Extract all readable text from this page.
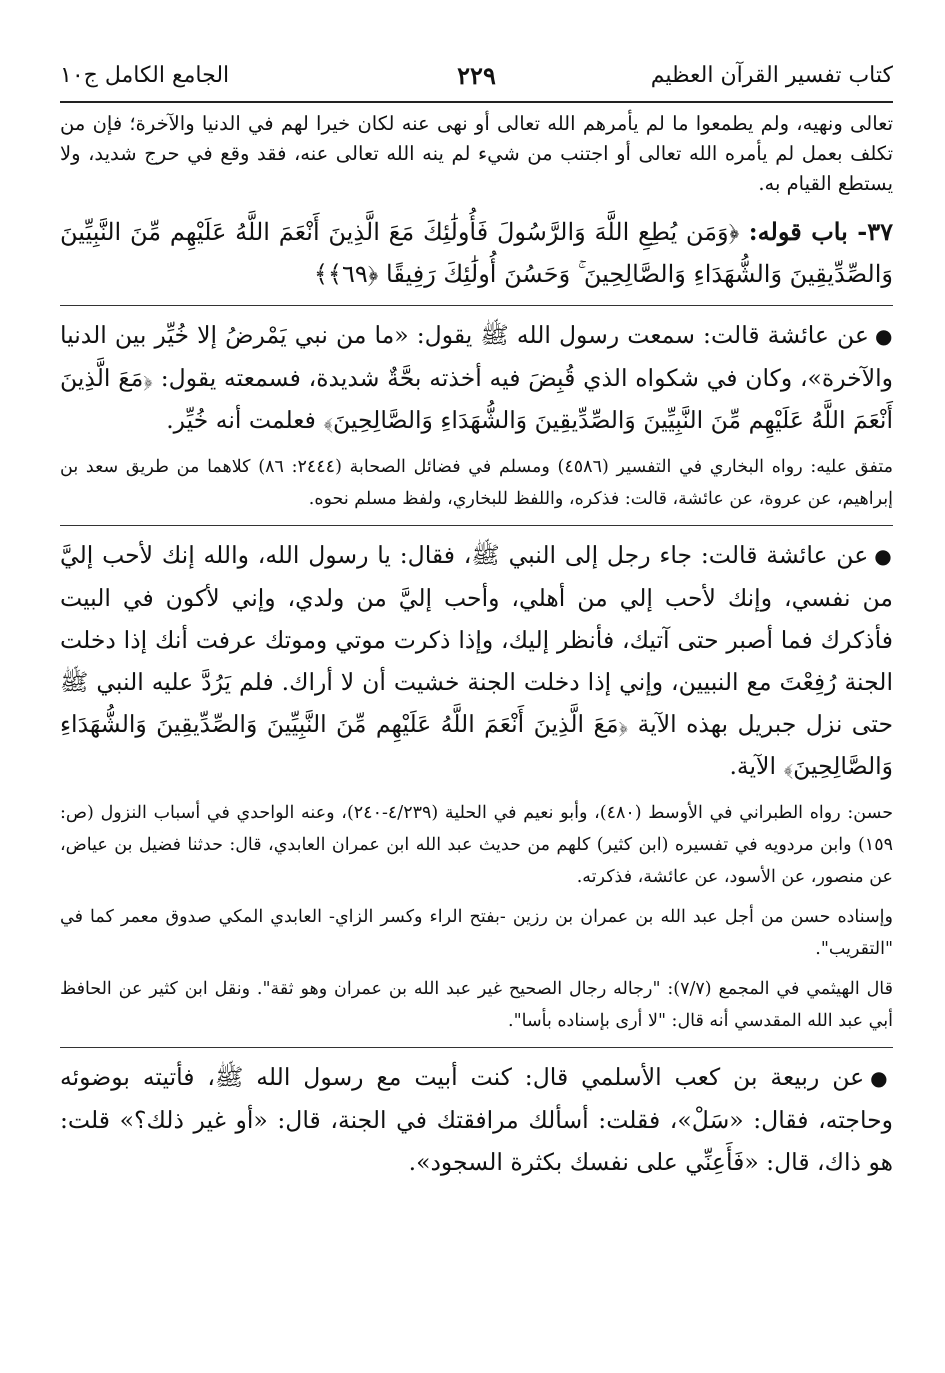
كتاب تفسير القرآن العظيم
٢٢٩
الجامع الكامل ج١٠

تعالى ونهيه، ولم يطمعوا ما لم يأمرهم الله تعالى أو نهى عنه لكان خيرا لهم في الدنيا والآخرة؛ فإن من تكلف بعمل لم يأمره الله تعالى أو اجتنب من شيء لم ينه الله تعالى عنه، فقد وقع في حرج شديد، ولا يستطع القيام به.

٣٧- باب قوله: ﴿وَمَن يُطِعِ اللَّهَ وَالرَّسُولَ فَأُولَٰئِكَ مَعَ الَّذِينَ أَنْعَمَ اللَّهُ عَلَيْهِم مِّنَ النَّبِيِّينَ وَالصِّدِّيقِينَ وَالشُّهَدَاءِ وَالصَّالِحِينَ ۚ وَحَسُنَ أُولَٰئِكَ رَفِيقًا ﴿٦٩﴾﴾

●عن عائشة قالت: سمعت رسول الله ﷺ يقول: «ما من نبي يَمْرضُ إلا خُيِّر بين الدنيا والآخرة»، وكان في شكواه الذي قُبِضَ فيه أخذته بحَّةٌ شديدة، فسمعته يقول: ﴿مَعَ الَّذِينَ أَنْعَمَ اللَّهُ عَلَيْهِم مِّنَ النَّبِيِّينَ وَالصِّدِّيقِينَ وَالشُّهَدَاءِ وَالصَّالِحِينَ﴾ فعلمت أنه خُيِّر.

متفق عليه: رواه البخاري في التفسير (٤٥٨٦) ومسلم في فضائل الصحابة (٢٤٤٤: ٨٦) كلاهما من طريق سعد بن إبراهيم، عن عروة، عن عائشة، قالت: فذكره، واللفظ للبخاري، ولفظ مسلم نحوه.

●عن عائشة قالت: جاء رجل إلى النبي ﷺ، فقال: يا رسول الله، والله إنك لأحب إليَّ من نفسي، وإنك لأحب إلي من أهلي، وأحب إليَّ من ولدي، وإني لأكون في البيت فأذكرك فما أصبر حتى آتيك، فأنظر إليك، وإذا ذكرت موتي وموتك عرفت أنك إذا دخلت الجنة رُفِعْتَ مع النبيين، وإني إذا دخلت الجنة خشيت أن لا أراك. فلم يَرُدَّ عليه النبي ﷺ حتى نزل جبريل بهذه الآية ﴿مَعَ الَّذِينَ أَنْعَمَ اللَّهُ عَلَيْهِم مِّنَ النَّبِيِّينَ وَالصِّدِّيقِينَ وَالشُّهَدَاءِ وَالصَّالِحِينَ﴾ الآية.

حسن: رواه الطبراني في الأوسط (٤٨٠)، وأبو نعيم في الحلية (٤/٢٣٩-٢٤٠)، وعنه الواحدي في أسباب النزول (ص: ١٥٩) وابن مردويه في تفسيره (ابن كثير) كلهم من حديث عبد الله ابن عمران العابدي، قال: حدثنا فضيل بن عياض، عن منصور، عن الأسود، عن عائشة، فذكرته.

وإسناده حسن من أجل عبد الله بن عمران بن رزين -بفتح الراء وكسر الزاي- العابدي المكي صدوق معمر كما في "التقريب".

قال الهيثمي في المجمع (٧/٧): "رجاله رجال الصحيح غير عبد الله بن عمران وهو ثقة". ونقل ابن كثير عن الحافظ أبي عبد الله المقدسي أنه قال: "لا أرى بإسناده بأسا".

●عن ربيعة بن كعب الأسلمي قال: كنت أبيت مع رسول الله ﷺ، فأتيته بوضوئه وحاجته، فقال: «سَلْ»، فقلت: أسألك مرافقتك في الجنة، قال: «أو غير ذلك؟» قلت: هو ذاك، قال: «فَأَعِنِّي على نفسك بكثرة السجود».
